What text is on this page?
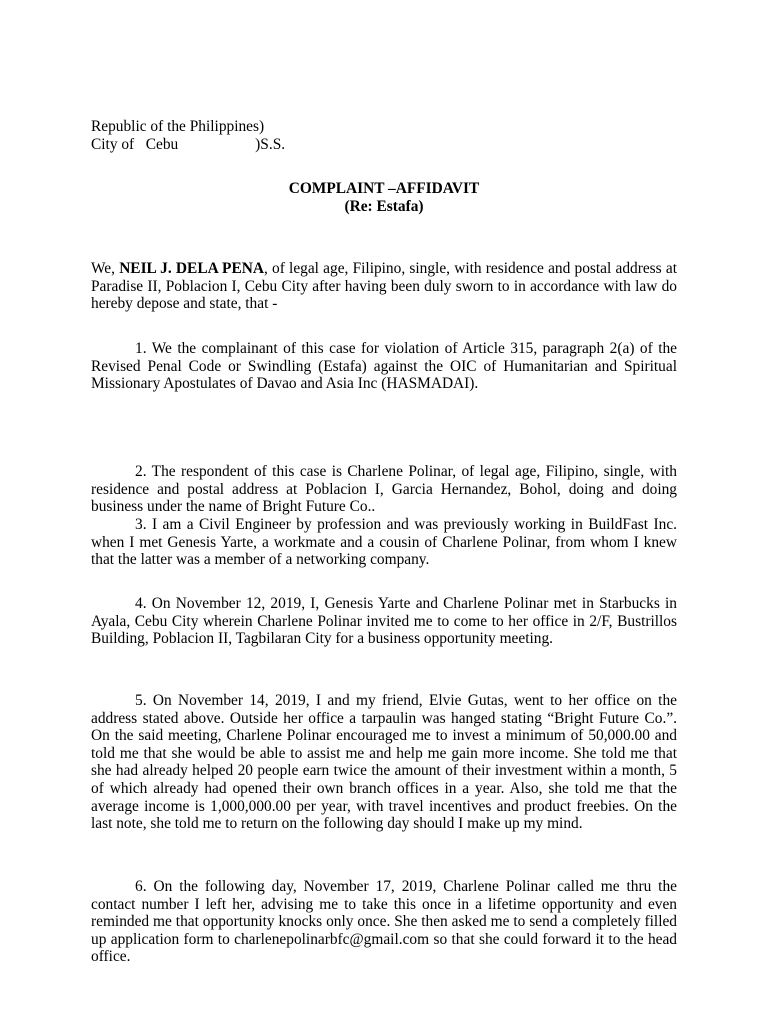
Republic of the Philippines)
City of   Cebu                    )S.S.
COMPLAINT –AFFIDAVIT
(Re: Estafa)
We, NEIL J. DELA PENA, of legal age, Filipino, single, with residence and postal address at Paradise II, Poblacion I, Cebu City after having been duly sworn to in accordance with law do hereby depose and state, that -
1. We the complainant of this case for violation of Article 315, paragraph 2(a) of the Revised Penal Code or Swindling (Estafa) against the OIC of Humanitarian and Spiritual Missionary Apostulates of Davao and Asia Inc (HASMADAI).
2. The respondent of this case is Charlene Polinar, of legal age, Filipino, single, with residence and postal address at Poblacion I, Garcia Hernandez, Bohol, doing and doing business under the name of Bright Future Co..
3. I am a Civil Engineer by profession and was previously working in BuildFast Inc. when I met Genesis Yarte, a workmate and a cousin of Charlene Polinar, from whom I knew that the latter was a member of a networking company.
4. On November 12, 2019, I, Genesis Yarte and Charlene Polinar met in Starbucks in Ayala, Cebu City wherein Charlene Polinar invited me to come to her office in 2/F, Bustrillos Building, Poblacion II, Tagbilaran City for a business opportunity meeting.
5. On November 14, 2019, I and my friend, Elvie Gutas, went to her office on the address stated above. Outside her office a tarpaulin was hanged stating “Bright Future Co.”. On the said meeting, Charlene Polinar encouraged me to invest a minimum of 50,000.00 and told me that she would be able to assist me and help me gain more income. She told me that she had already helped 20 people earn twice the amount of their investment within a month, 5 of which already had opened their own branch offices in a year. Also, she told me that the average income is 1,000,000.00 per year, with travel incentives and product freebies. On the last note, she told me to return on the following day should I make up my mind.
6. On the following day, November 17, 2019, Charlene Polinar called me thru the contact number I left her, advising me to take this once in a lifetime opportunity and even reminded me that opportunity knocks only once. She then asked me to send a completely filled up application form to charlenepolinarbfc@gmail.com so that she could forward it to the head office.
